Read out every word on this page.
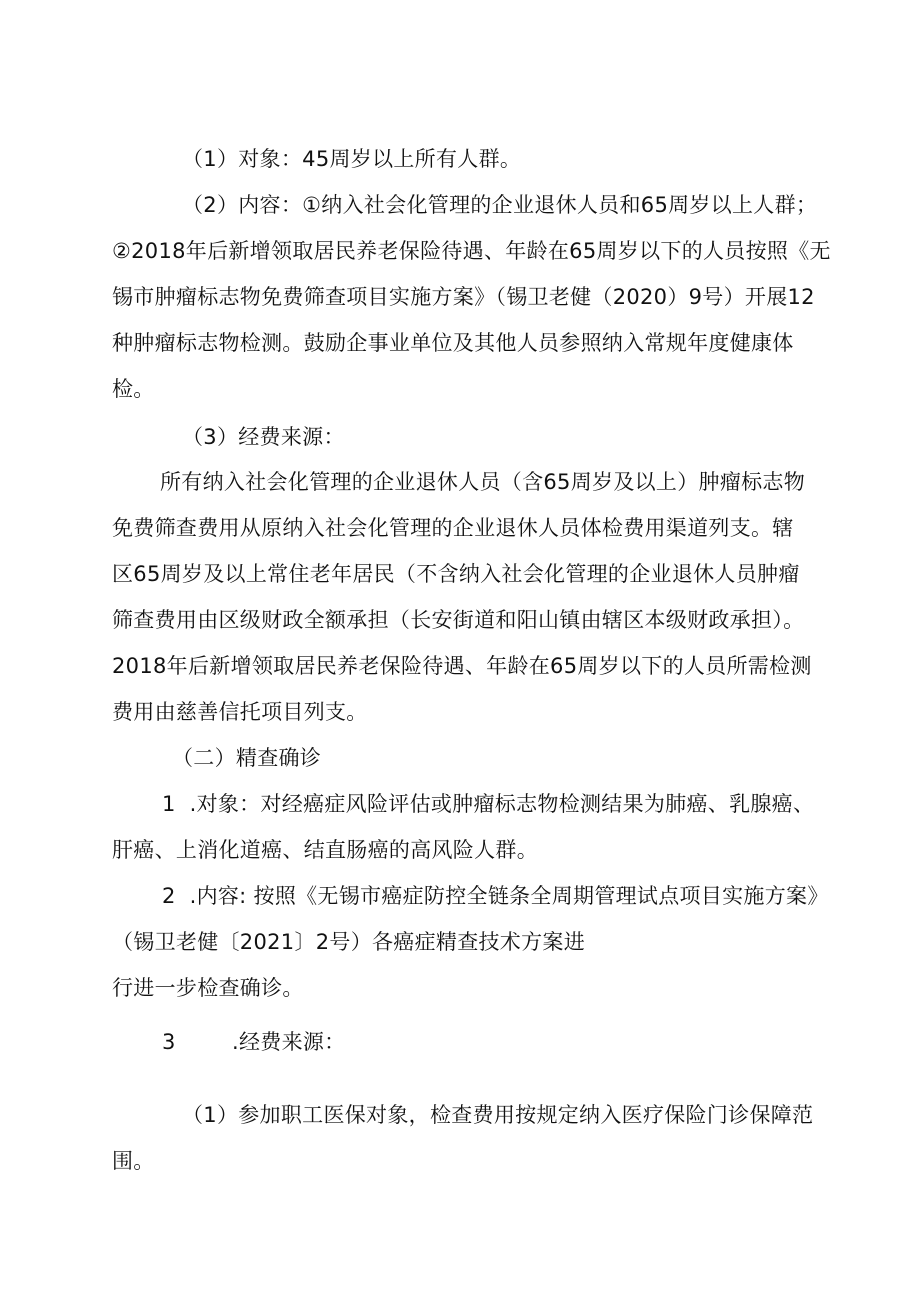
（1）对象：45周岁以上所有人群。
（2）内容：①纳入社会化管理的企业退休人员和65周岁以上人群；
②2018年后新增领取居民养老保险待遇、年龄在65周岁以下的人员按照《无
锡市肿瘤标志物免费筛查项目实施方案》（锡卫老健（2020）9号）开展12
种肿瘤标志物检测。鼓励企事业单位及其他人员参照纳入常规年度健康体
检。
（3）经费来源：
所有纳入社会化管理的企业退休人员（含65周岁及以上）肿瘤标志物
免费筛查费用从原纳入社会化管理的企业退休人员体检费用渠道列支。辖
区65周岁及以上常住老年居民（不含纳入社会化管理的企业退休人员肿瘤
筛查费用由区级财政全额承担（长安街道和阳山镇由辖区本级财政承担）。
2018年后新增领取居民养老保险待遇、年龄在65周岁以下的人员所需检测
费用由慈善信托项目列支。
（二）精查确诊
1  .对象：对经癌症风险评估或肿瘤标志物检测结果为肺癌、乳腺癌、
肝癌、上消化道癌、结直肠癌的高风险人群。
2  .内容: 按照《无锡市癌症防控全链条全周期管理试点项目实施方案》
（锡卫老健〔2021〕2号）各癌症精查技术方案进
行进一步检查确诊。
3	.经费来源：
（1）参加职工医保对象，检查费用按规定纳入医疗保险门诊保障范
围。
